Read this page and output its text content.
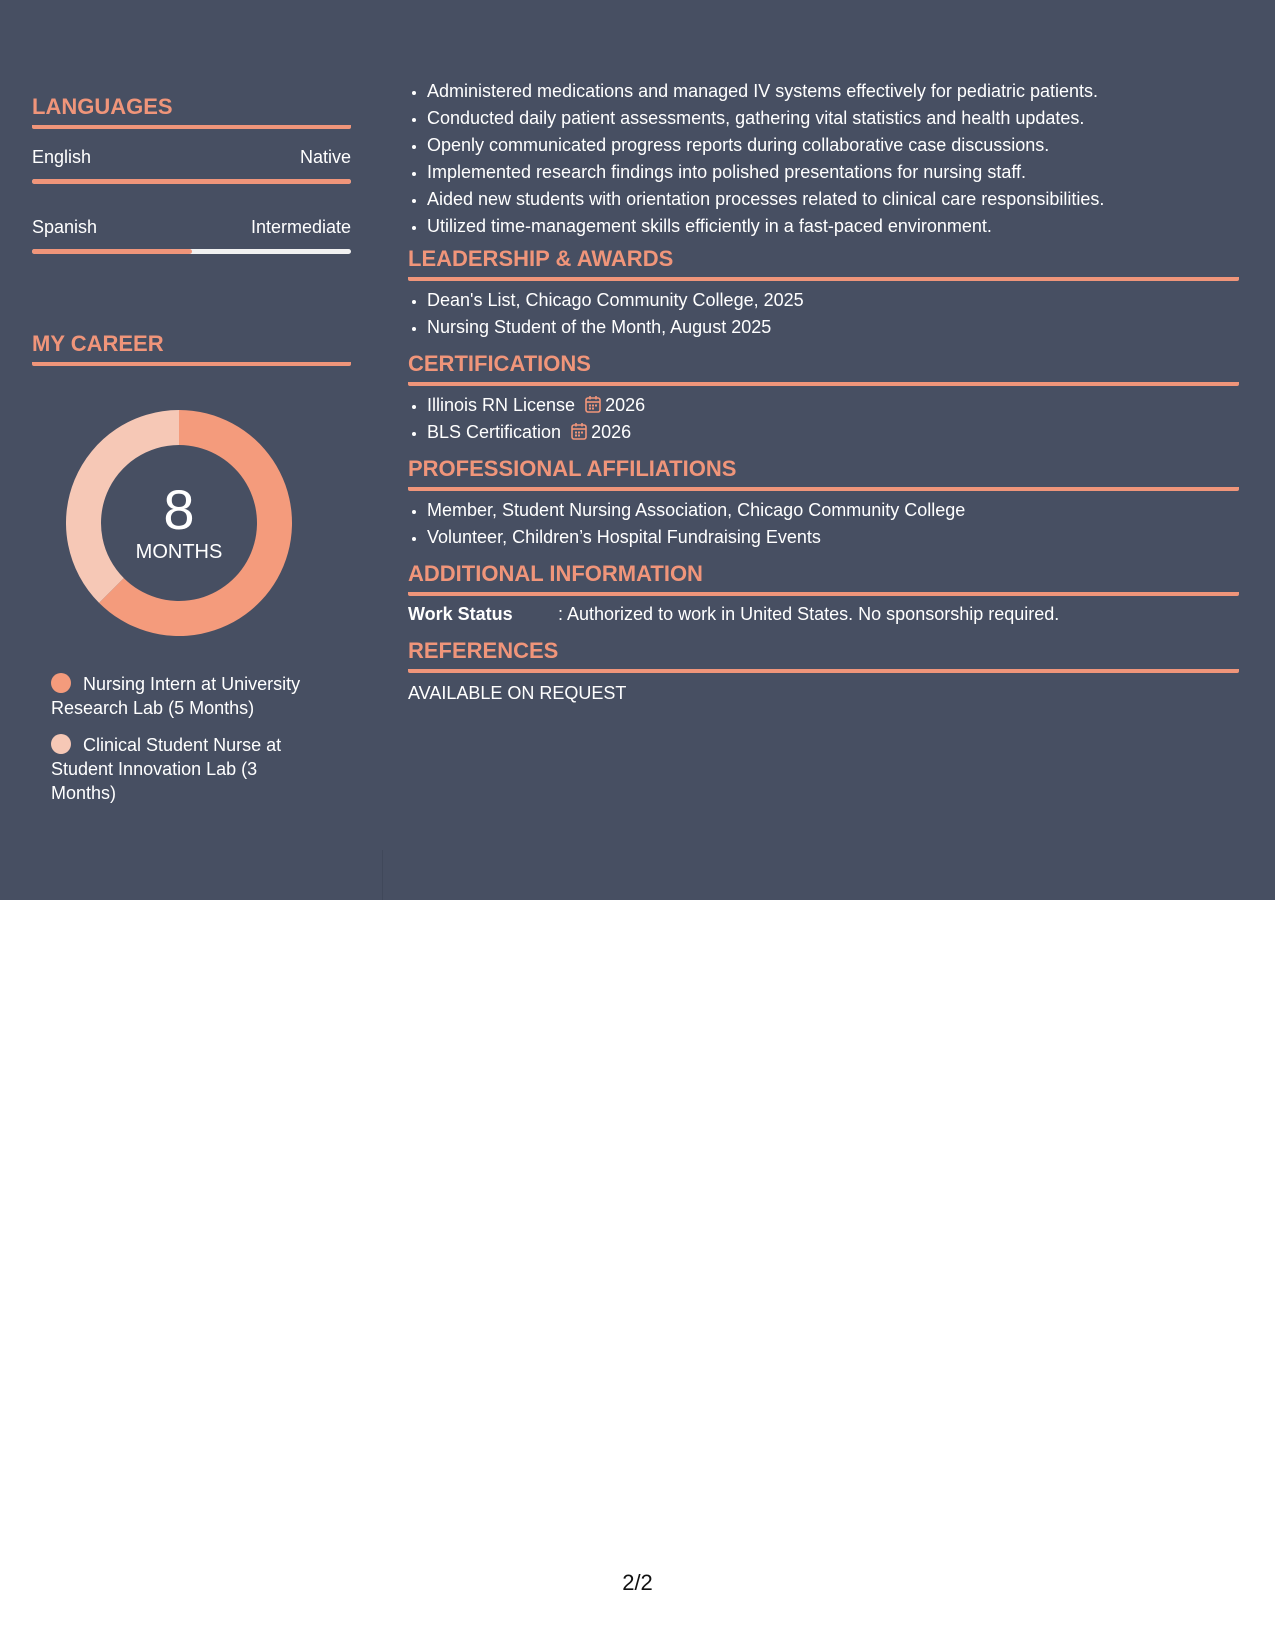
LANGUAGES
English	Native
Spanish	Intermediate
MY CAREER
8
MONTHS
Nursing Intern at University Research Lab (5 Months)
Clinical Student Nurse at Student Innovation Lab (3 Months)
• Administered medications and managed IV systems effectively for pediatric patients.
• Conducted daily patient assessments, gathering vital statistics and health updates.
• Openly communicated progress reports during collaborative case discussions.
• Implemented research findings into polished presentations for nursing staff.
• Aided new students with orientation processes related to clinical care responsibilities.
• Utilized time-management skills efficiently in a fast-paced environment.
LEADERSHIP & AWARDS
• Dean's List, Chicago Community College, 2025
• Nursing Student of the Month, August 2025
CERTIFICATIONS
• Illinois RN License 2026
• BLS Certification 2026
PROFESSIONAL AFFILIATIONS
• Member, Student Nursing Association, Chicago Community College
• Volunteer, Children’s Hospital Fundraising Events
ADDITIONAL INFORMATION
Work Status	: Authorized to work in United States. No sponsorship required.
REFERENCES
AVAILABLE ON REQUEST
2/2
